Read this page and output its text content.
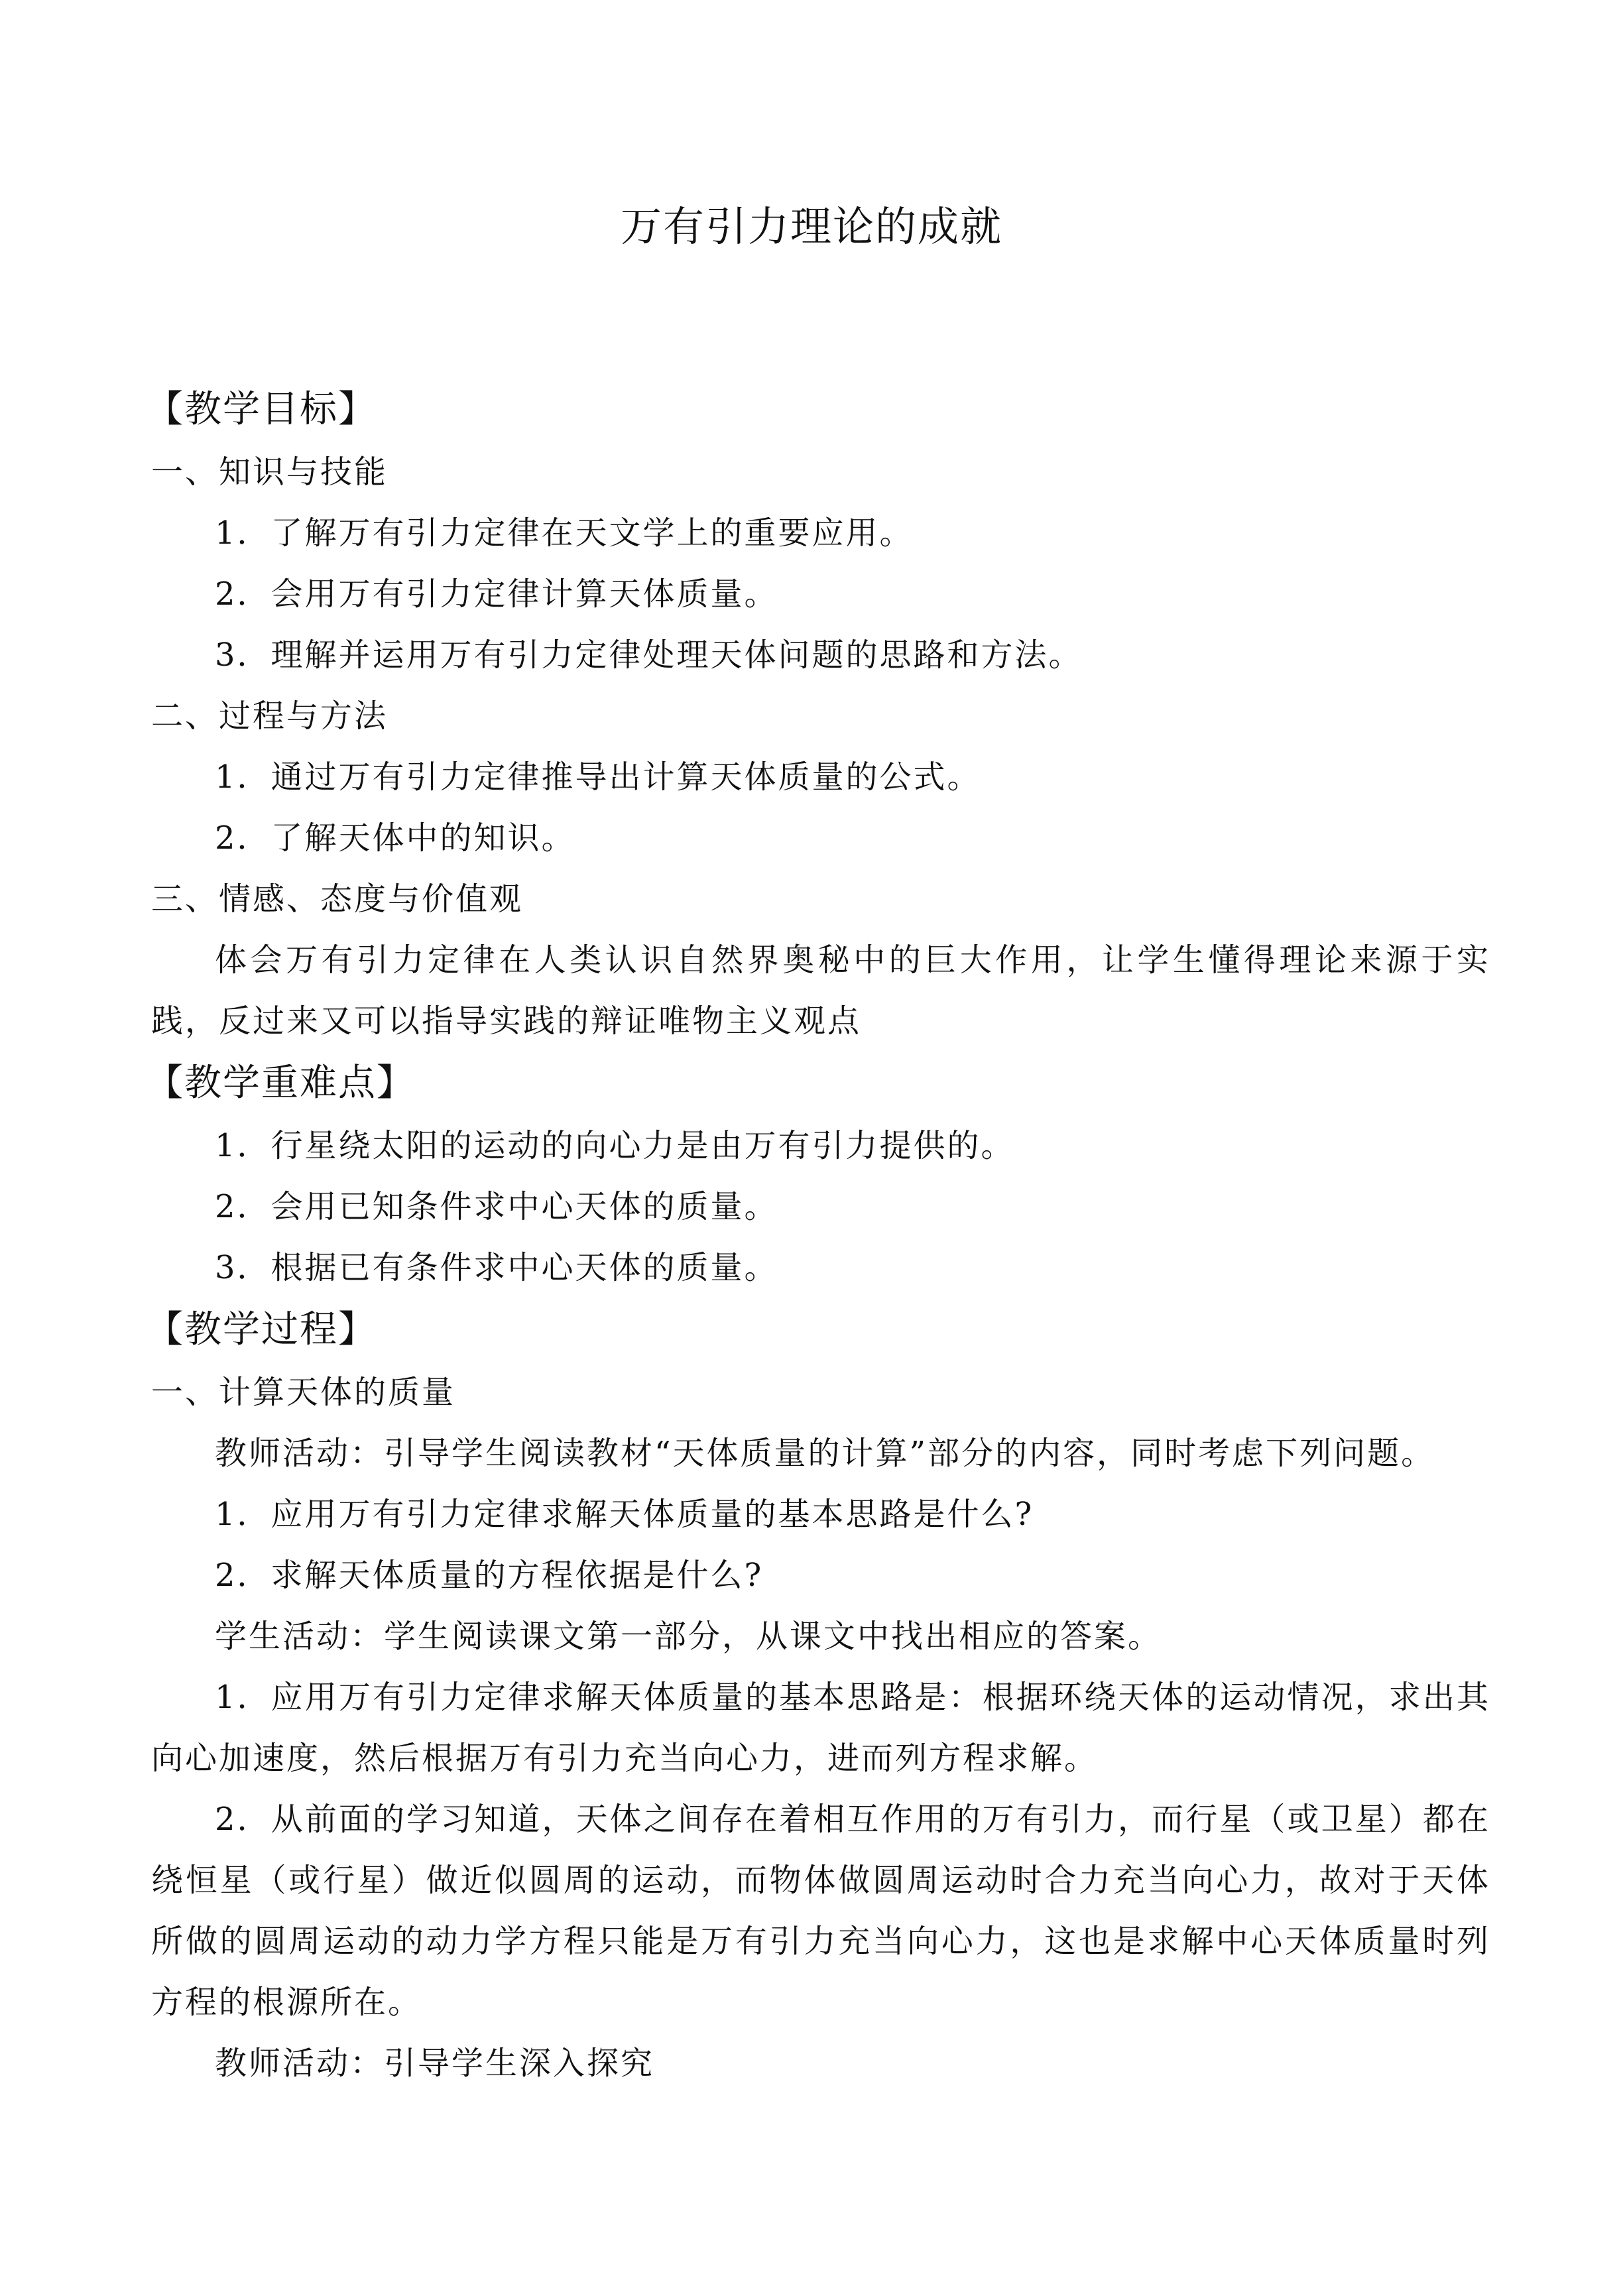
万有引力理论的成就
【教学目标】
一、知识与技能
1．了解万有引力定律在天文学上的重要应用。
2．会用万有引力定律计算天体质量。
3．理解并运用万有引力定律处理天体问题的思路和方法。
二、过程与方法
1．通过万有引力定律推导出计算天体质量的公式。
2．了解天体中的知识。
三、情感、态度与价值观
体会万有引力定律在人类认识自然界奥秘中的巨大作用，让学生懂得理论来源于实践，反过来又可以指导实践的辩证唯物主义观点
【教学重难点】
1．行星绕太阳的运动的向心力是由万有引力提供的。
2．会用已知条件求中心天体的质量。
3．根据已有条件求中心天体的质量。
【教学过程】
一、计算天体的质量
教师活动：引导学生阅读教材“天体质量的计算”部分的内容，同时考虑下列问题。
1．应用万有引力定律求解天体质量的基本思路是什么?
2．求解天体质量的方程依据是什么?
学生活动：学生阅读课文第一部分，从课文中找出相应的答案。
1．应用万有引力定律求解天体质量的基本思路是：根据环绕天体的运动情况，求出其向心加速度，然后根据万有引力充当向心力，进而列方程求解。
2．从前面的学习知道，天体之间存在着相互作用的万有引力，而行星（或卫星）都在绕恒星（或行星）做近似圆周的运动，而物体做圆周运动时合力充当向心力，故对于天体所做的圆周运动的动力学方程只能是万有引力充当向心力，这也是求解中心天体质量时列方程的根源所在。
教师活动：引导学生深入探究
